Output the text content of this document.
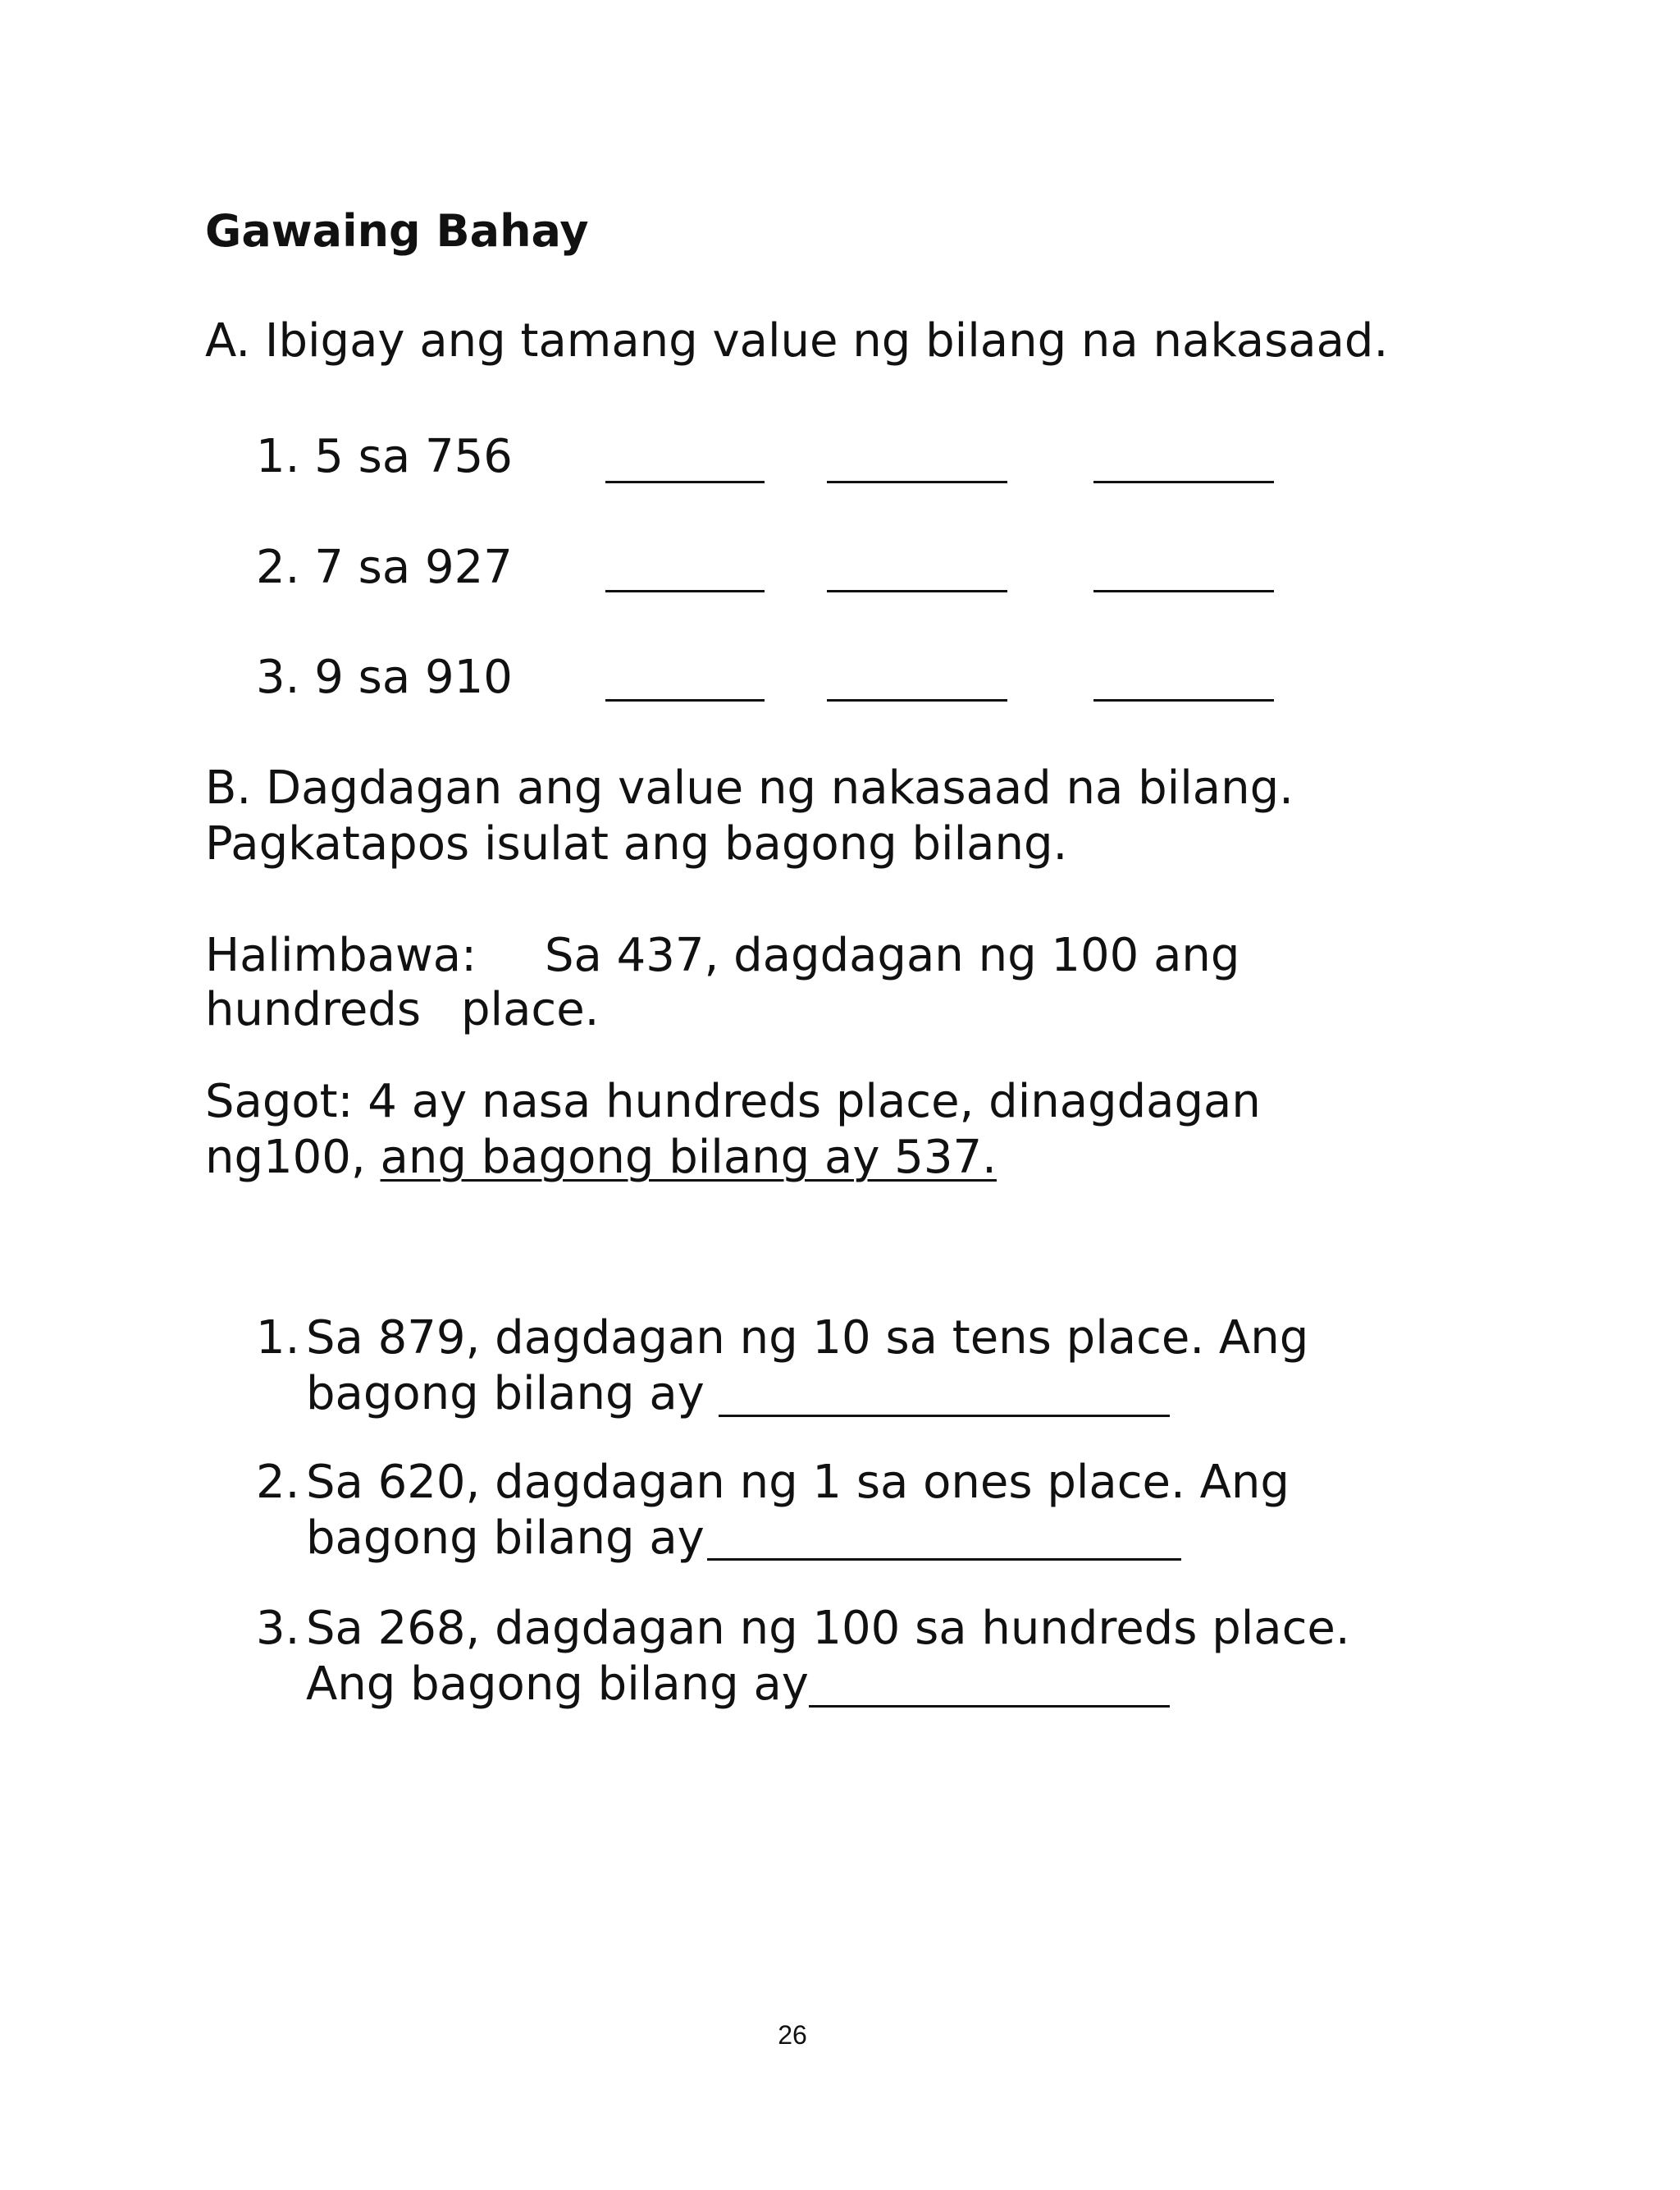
Gawaing Bahay
A. Ibigay ang tamang value ng bilang na nakasaad.
1. 5 sa 756
2. 7 sa 927
3. 9 sa 910
B. Dagdagan ang value ng nakasaad na bilang.
Pagkatapos isulat ang bagong bilang.
Halimbawa: Sa 437, dagdagan ng 100 ang
hundreds place.
Sagot: 4 ay nasa hundreds place, dinagdagan
ng100, ang bagong bilang ay 537.
1. Sa 879, dagdagan ng 10 sa tens place. Ang
bagong bilang ay
2. Sa 620, dagdagan ng 1 sa ones place. Ang
bagong bilang ay
3. Sa 268, dagdagan ng 100 sa hundreds place.
Ang bagong bilang ay
26
